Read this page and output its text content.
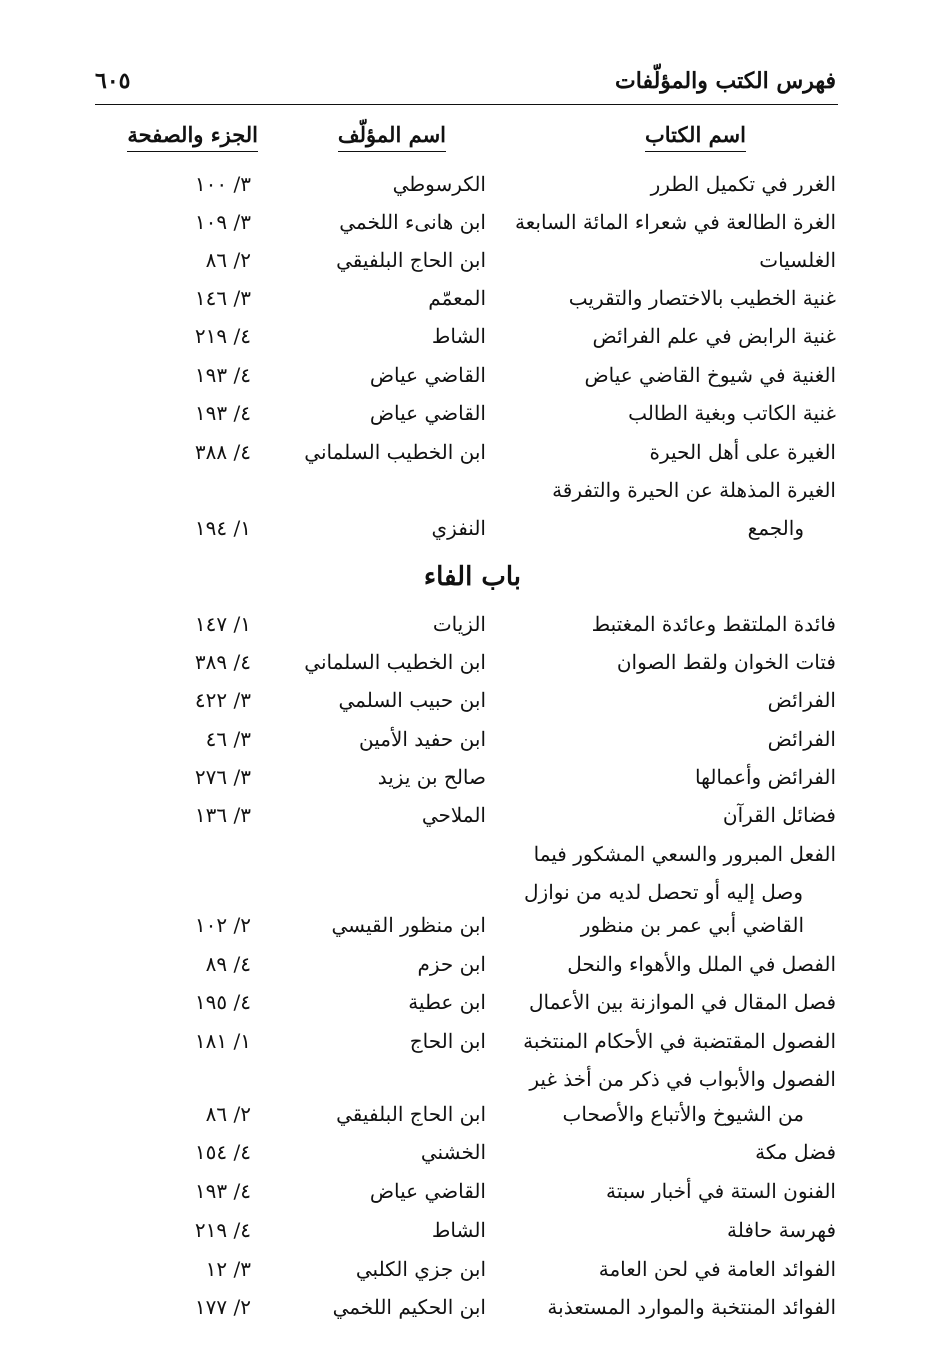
فهرس الكتب والمؤلّفات
٦٠٥
اسم الكتاب
اسم المؤلّف
الجزء والصفحة
الغرر في تكميل الطرر
الكرسوطي
٣/ ١٠٠
الغرة الطالعة في شعراء المائة السابعة
ابن هانىء اللخمي
٣/ ١٠٩
الغلسيات
ابن الحاج البلفيقي
٢/ ٨٦
غنية الخطيب بالاختصار والتقريب
المعمّم
٣/ ١٤٦
غنية الرابض في علم الفرائض
الشاط
٤/ ٢١٩
الغنية في شيوخ القاضي عياض
القاضي عياض
٤/ ١٩٣
غنية الكاتب وبغية الطالب
القاضي عياض
٤/ ١٩٣
الغيرة على أهل الحيرة
ابن الخطيب السلماني
٤/ ٣٨٨
الغيرة المذهلة عن الحيرة والتفرقة
والجمع
النفزي
١/ ١٩٤
باب الفاء
فائدة الملتقط وعائدة المغتبط
الزيات
١/ ١٤٧
فتات الخوان ولقط الصوان
ابن الخطيب السلماني
٤/ ٣٨٩
الفرائض
ابن حبيب السلمي
٣/ ٤٢٢
الفرائض
ابن حفيد الأمين
٣/ ٤٦
الفرائض وأعمالها
صالح بن يزيد
٣/ ٢٧٦
فضائل القرآن
الملاحي
٣/ ١٣٦
الفعل المبرور والسعي المشكور فيما
وصل إليه أو تحصل لديه من نوازل
القاضي أبي عمر بن منظور
ابن منظور القيسي
٢/ ١٠٢
الفصل في الملل والأهواء والنحل
ابن حزم
٤/ ٨٩
فصل المقال في الموازنة بين الأعمال
ابن عطية
٤/ ١٩٥
الفصول المقتضبة في الأحكام المنتخبة
ابن الحاج
١/ ١٨١
الفصول والأبواب في ذكر من أخذ غير
من الشيوخ والأتباع والأصحاب
ابن الحاج البلفيقي
٢/ ٨٦
فضل مكة
الخشني
٤/ ١٥٤
الفنون الستة في أخبار سبتة
القاضي عياض
٤/ ١٩٣
فهرسة حافلة
الشاط
٤/ ٢١٩
الفوائد العامة في لحن العامة
ابن جزي الكلبي
٣/ ١٢
الفوائد المنتخبة والموارد المستعذبة
ابن الحكيم اللخمي
٢/ ١٧٧
